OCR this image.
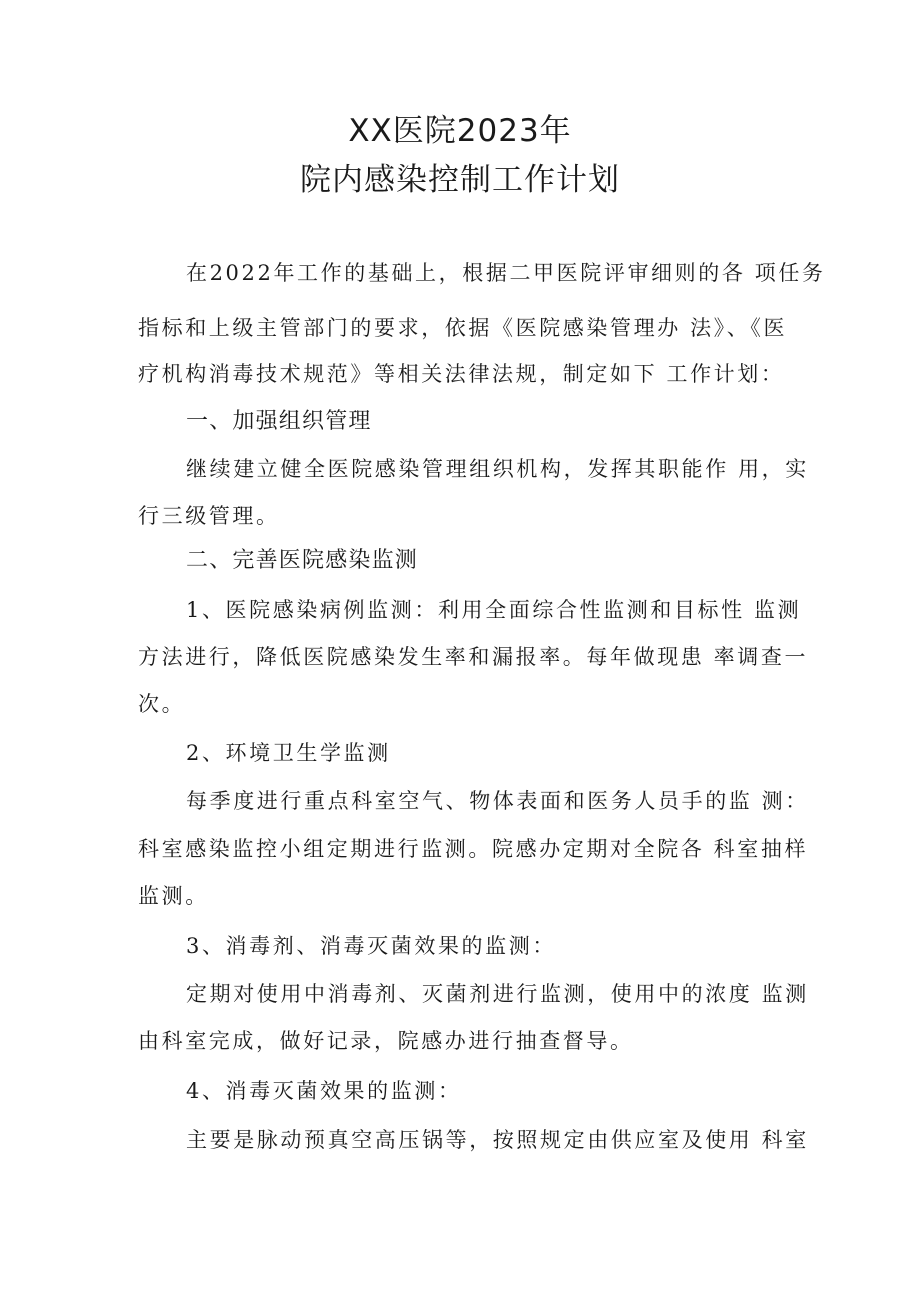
XX医院2023年
院内感染控制工作计划

在2022年工作的基础上，根据二甲医院评审细则的各 项任务

指标和上级主管部门的要求，依据《医院感染管理办 法》、《医

疗机构消毒技术规范》等相关法律法规，制定如下 工作计划：

一、加强组织管理

继续建立健全医院感染管理组织机构，发挥其职能作 用，实

行三级管理。

二、完善医院感染监测

1、医院感染病例监测：利用全面综合性监测和目标性 监测

方法进行，降低医院感染发生率和漏报率。每年做现患 率调查一

次。

2、环境卫生学监测

每季度进行重点科室空气、物体表面和医务人员手的监 测：

科室感染监控小组定期进行监测。院感办定期对全院各 科室抽样

监测。

3、消毒剂、消毒灭菌效果的监测：

定期对使用中消毒剂、灭菌剂进行监测，使用中的浓度 监测

由科室完成，做好记录，院感办进行抽查督导。

4、消毒灭菌效果的监测：

主要是脉动预真空高压锅等，按照规定由供应室及使用 科室
